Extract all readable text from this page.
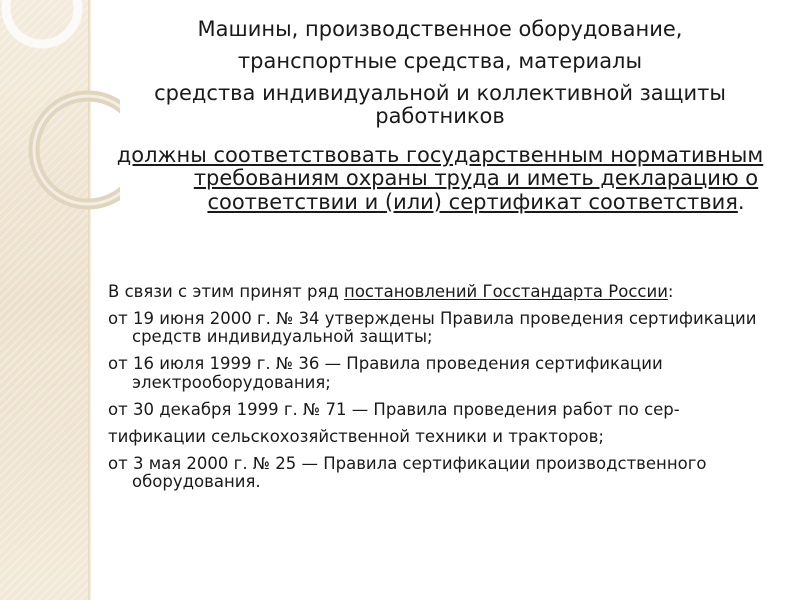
Машины, производственное оборудование,

транспортные средства, материалы

средства индивидуальной и коллективной защиты работников

должны соответствовать государственным нормативным требованиям охраны труда и иметь декларацию о соответствии и (или) сертификат соответствия.

В связи с этим принят ряд постановлений Госстандарта России:

от 19 июня 2000 г. № 34 утверждены Правила проведения сертификации средств индивидуальной защиты;

от 16 июля 1999 г. № 36 — Правила проведения сертификации электрооборудования;

от 30 декабря 1999 г. № 71 — Правила проведения работ по сер-

тификации сельскохозяйственной техники и тракторов;

от 3 мая 2000 г. № 25 — Правила сертификации производственного оборудования.
